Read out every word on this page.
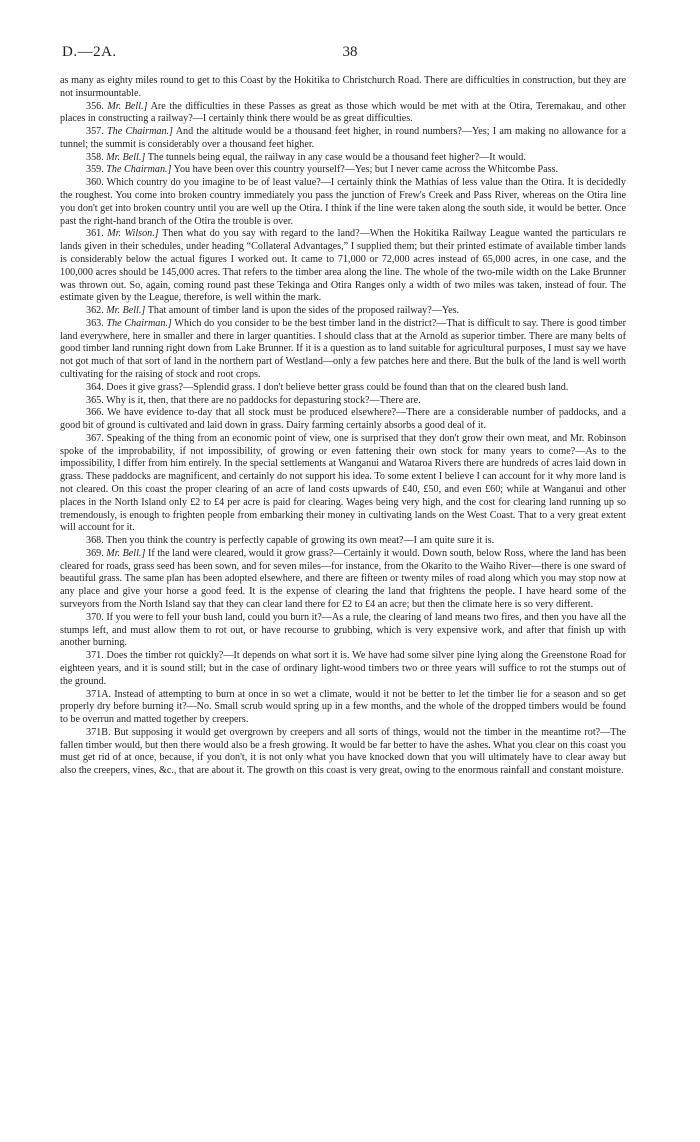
D.—2A.	38

as many as eighty miles round to get to this Coast by the Hokitika to Christchurch Road. There are difficulties in construction, but they are not insurmountable.

356. Mr. Bell.] Are the difficulties in these Passes as great as those which would be met with at the Otira, Teremakau, and other places in constructing a railway?—I certainly think there would be as great difficulties.

357. The Chairman.] And the altitude would be a thousand feet higher, in round numbers?—Yes; I am making no allowance for a tunnel; the summit is considerably over a thousand feet higher.

358. Mr. Bell.] The tunnels being equal, the railway in any case would be a thousand feet higher?—It would.

359. The Chairman.] You have been over this country yourself?—Yes; but I never came across the Whitcombe Pass.

360. Which country do you imagine to be of least value?—I certainly think the Mathias of less value than the Otira. It is decidedly the roughest. You come into broken country immediately you pass the junction of Frew's Creek and Pass River, whereas on the Otira line you don't get into broken country until you are well up the Otira. I think if the line were taken along the south side, it would be better. Once past the right-hand branch of the Otira the trouble is over.

361. Mr. Wilson.] Then what do you say with regard to the land?—When the Hokitika Railway League wanted the particulars re lands given in their schedules, under heading “Collateral Advantages,” I supplied them; but their printed estimate of available timber lands is considerably below the actual figures I worked out. It came to 71,000 or 72,000 acres instead of 65,000 acres, in one case, and the 100,000 acres should be 145,000 acres. That refers to the timber area along the line. The whole of the two-mile width on the Lake Brunner was thrown out. So, again, coming round past these Tekinga and Otira Ranges only a width of two miles was taken, instead of four. The estimate given by the League, therefore, is well within the mark.

362. Mr. Bell.] That amount of timber land is upon the sides of the proposed railway?—Yes.

363. The Chairman.] Which do you consider to be the best timber land in the district?—That is difficult to say. There is good timber land everywhere, here in smaller and there in larger quantities. I should class that at the Arnold as superior timber. There are many belts of good timber land running right down from Lake Brunner. If it is a question as to land suitable for agricultural purposes, I must say we have not got much of that sort of land in the northern part of Westland—only a few patches here and there. But the bulk of the land is well worth cultivating for the raising of stock and root crops.

364. Does it give grass?—Splendid grass. I don't believe better grass could be found than that on the cleared bush land.

365. Why is it, then, that there are no paddocks for depasturing stock?—There are.

366. We have evidence to-day that all stock must be produced elsewhere?—There are a considerable number of paddocks, and a good bit of ground is cultivated and laid down in grass. Dairy farming certainly absorbs a good deal of it.

367. Speaking of the thing from an economic point of view, one is surprised that they don't grow their own meat, and Mr. Robinson spoke of the improbability, if not impossibility, of growing or even fattening their own stock for many years to come?—As to the impossibility, I differ from him entirely. In the special settlements at Wanganui and Wataroa Rivers there are hundreds of acres laid down in grass. These paddocks are magnificent, and certainly do not support his idea. To some extent I believe I can account for it why more land is not cleared. On this coast the proper clearing of an acre of land costs upwards of £40, £50, and even £60; while at Wanganui and other places in the North Island only £2 to £4 per acre is paid for clearing. Wages being very high, and the cost for clearing land running up so tremendously, is enough to frighten people from embarking their money in cultivating lands on the West Coast. That to a very great extent will account for it.

368. Then you think the country is perfectly capable of growing its own meat?—I am quite sure it is.

369. Mr. Bell.] If the land were cleared, would it grow grass?—Certainly it would. Down south, below Ross, where the land has been cleared for roads, grass seed has been sown, and for seven miles—for instance, from the Okarito to the Waiho River—there is one sward of beautiful grass. The same plan has been adopted elsewhere, and there are fifteen or twenty miles of road along which you may stop now at any place and give your horse a good feed. It is the expense of clearing the land that frightens the people. I have heard some of the surveyors from the North Island say that they can clear land there for £2 to £4 an acre; but then the climate here is so very different.

370. If you were to fell your bush land, could you burn it?—As a rule, the clearing of land means two fires, and then you have all the stumps left, and must allow them to rot out, or have recourse to grubbing, which is very expensive work, and after that finish up with another burning.

371. Does the timber rot quickly?—It depends on what sort it is. We have had some silver pine lying along the Greenstone Road for eighteen years, and it is sound still; but in the case of ordinary light-wood timbers two or three years will suffice to rot the stumps out of the ground.

371A. Instead of attempting to burn at once in so wet a climate, would it not be better to let the timber lie for a season and so get properly dry before burning it?—No. Small scrub would spring up in a few months, and the whole of the dropped timbers would be found to be overrun and matted together by creepers.

371B. But supposing it would get overgrown by creepers and all sorts of things, would not the timber in the meantime rot?—The fallen timber would, but then there would also be a fresh growing. It would be far better to have the ashes. What you clear on this coast you must get rid of at once, because, if you don't, it is not only what you have knocked down that you will ultimately have to clear away but also the creepers, vines, &c., that are about it. The growth on this coast is very great, owing to the enormous rainfall and constant moisture.
